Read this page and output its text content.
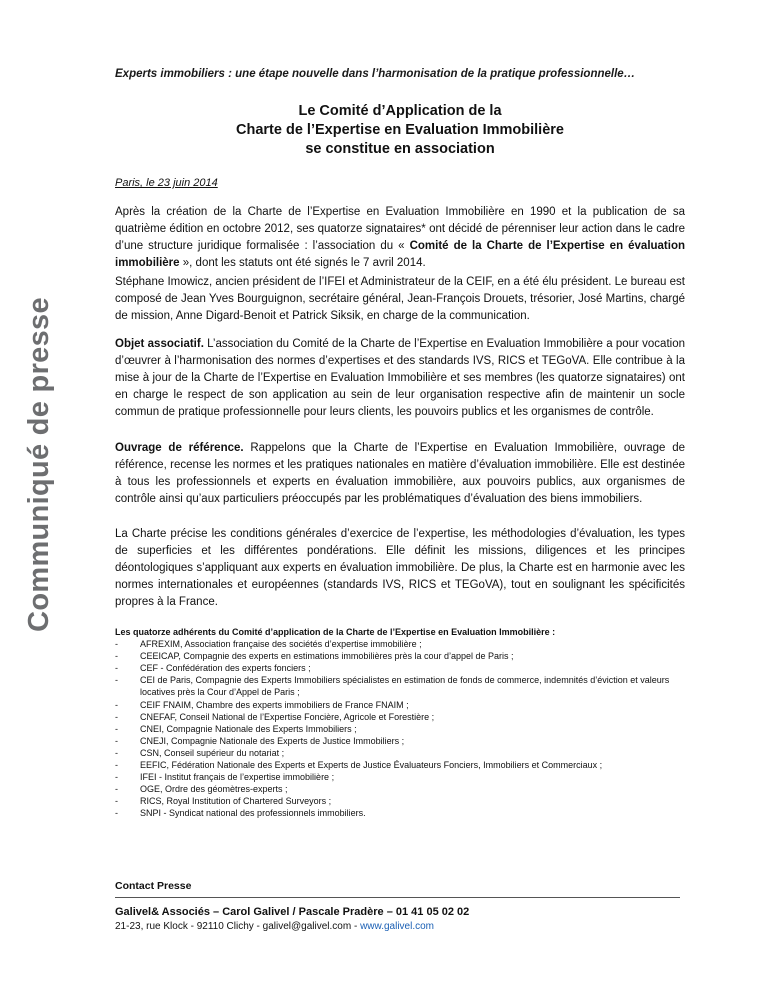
Communiqué de presse
Experts immobiliers : une étape nouvelle dans l’harmonisation de la pratique professionnelle…
Le Comité d’Application de la
Charte de l’Expertise en Evaluation Immobilière
se constitue en association
Paris, le 23 juin 2014
Après la création de la Charte de l’Expertise en Evaluation Immobilière en 1990 et la publication de sa quatrième édition en octobre 2012, ses quatorze signataires* ont décidé de pérenniser leur action dans le cadre d’une structure juridique formalisée : l’association du « Comité de la Charte de l’Expertise en évaluation immobilière », dont les statuts ont été signés le 7 avril 2014.
Stéphane Imowicz, ancien président de l’IFEI et Administrateur de la CEIF, en a été élu président. Le bureau est composé de Jean Yves Bourguignon, secrétaire général, Jean-François Drouets, trésorier, José Martins, chargé de mission, Anne Digard-Benoit et Patrick Siksik, en charge de la communication.
Objet associatif. L’association du Comité de la Charte de l’Expertise en Evaluation Immobilière a pour vocation d’œuvrer à l’harmonisation des normes d’expertises et des standards IVS, RICS et TEGoVA. Elle contribue à la mise à jour de la Charte de l’Expertise en Evaluation Immobilière et ses membres (les quatorze signataires) ont en charge le respect de son application au sein de leur organisation respective afin de maintenir un socle commun de pratique professionnelle pour leurs clients, les pouvoirs publics et les organismes de contrôle.
Ouvrage de référence. Rappelons que la Charte de l’Expertise en Evaluation Immobilière, ouvrage de référence, recense les normes et les pratiques nationales en matière d’évaluation immobilière. Elle est destinée à tous les professionnels et experts en évaluation immobilière, aux pouvoirs publics, aux organismes de contrôle ainsi qu’aux particuliers préoccupés par les problématiques d’évaluation des biens immobiliers.
La Charte précise les conditions générales d’exercice de l’expertise, les méthodologies d’évaluation, les types de superficies et les différentes pondérations. Elle définit les missions, diligences et les principes déontologiques s’appliquant aux experts en évaluation immobilière. De plus, la Charte est en harmonie avec les normes internationales et européennes (standards IVS, RICS et TEGoVA), tout en soulignant les spécificités propres à la France.
Les quatorze adhérents du Comité d’application de la Charte de l’Expertise en Evaluation Immobilière :
- AFREXIM, Association française des sociétés d’expertise immobilière ;
- CEEICAP, Compagnie des experts en estimations immobilières près la cour d’appel de Paris ;
- CEF - Confédération des experts fonciers ;
- CEI de Paris, Compagnie des Experts Immobiliers spécialistes en estimation de fonds de commerce, indemnités d’éviction et valeurs locatives près la Cour d’Appel de Paris ;
- CEIF FNAIM, Chambre des experts immobiliers de France FNAIM ;
- CNEFAF, Conseil National de l’Expertise Foncière, Agricole et Forestière ;
- CNEI, Compagnie Nationale des Experts Immobiliers ;
- CNEJI, Compagnie Nationale des Experts de Justice Immobiliers ;
- CSN, Conseil supérieur du notariat ;
- EEFIC, Fédération Nationale des Experts et Experts de Justice Évaluateurs Fonciers, Immobiliers et Commerciaux ;
- IFEI - Institut français de l’expertise immobilière ;
- OGE, Ordre des géomètres-experts ;
- RICS, Royal Institution of Chartered Surveyors ;
- SNPI - Syndicat national des professionnels immobiliers.
Contact Presse
Galivel& Associés – Carol Galivel / Pascale Pradère – 01 41 05 02 02
21-23, rue Klock - 92110 Clichy - galivel@galivel.com - www.galivel.com
